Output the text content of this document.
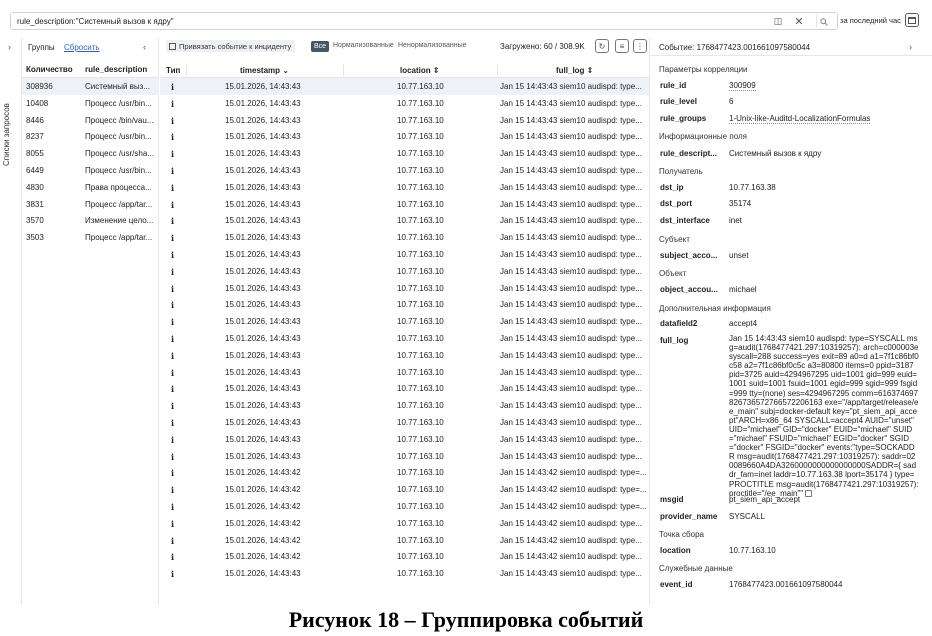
rule_description:"Системный вызов к ядру"
◫ ✕	за последний час
›
Списки запросов
Группы Сбросить	‹
Количество rule_description
308936	Системный выз...
10408	Процесс /usr/bin...
8446	Процесс /bin/vau...
8237	Процесс /usr/bin...
8055	Процесс /usr/sha...
6449	Процесс /usr/bin...
4830	Права процесса...
3831	Процесс /app/tar...
3570	Изменение цело...
3503	Процесс /app/tar...
Привязать событие к инциденту	Все Нормализованные Ненормализованные	Загружено: 60 / 308.9K	↻	≡	⋮
Тип	timestamp ⌄	location ⇕	full_log ⇕
i	15.01.2026, 14:43:43	10.77.163.10	Jan 15 14:43:43 siem10 audispd: type...
i	15.01.2026, 14:43:43	10.77.163.10	Jan 15 14:43:43 siem10 audispd: type...
i	15.01.2026, 14:43:43	10.77.163.10	Jan 15 14:43:43 siem10 audispd: type...
i	15.01.2026, 14:43:43	10.77.163.10	Jan 15 14:43:43 siem10 audispd: type...
i	15.01.2026, 14:43:43	10.77.163.10	Jan 15 14:43:43 siem10 audispd: type...
i	15.01.2026, 14:43:43	10.77.163.10	Jan 15 14:43:43 siem10 audispd: type...
i	15.01.2026, 14:43:43	10.77.163.10	Jan 15 14:43:43 siem10 audispd: type...
i	15.01.2026, 14:43:43	10.77.163.10	Jan 15 14:43:43 siem10 audispd: type...
i	15.01.2026, 14:43:43	10.77.163.10	Jan 15 14:43:43 siem10 audispd: type...
i	15.01.2026, 14:43:43	10.77.163.10	Jan 15 14:43:43 siem10 audispd: type...
i	15.01.2026, 14:43:43	10.77.163.10	Jan 15 14:43:43 siem10 audispd: type...
i	15.01.2026, 14:43:43	10.77.163.10	Jan 15 14:43:43 siem10 audispd: type...
i	15.01.2026, 14:43:43	10.77.163.10	Jan 15 14:43:43 siem10 audispd: type...
i	15.01.2026, 14:43:43	10.77.163.10	Jan 15 14:43:43 siem10 audispd: type...
i	15.01.2026, 14:43:43	10.77.163.10	Jan 15 14:43:43 siem10 audispd: type...
i	15.01.2026, 14:43:43	10.77.163.10	Jan 15 14:43:43 siem10 audispd: type...
i	15.01.2026, 14:43:43	10.77.163.10	Jan 15 14:43:43 siem10 audispd: type...
i	15.01.2026, 14:43:43	10.77.163.10	Jan 15 14:43:43 siem10 audispd: type...
i	15.01.2026, 14:43:43	10.77.163.10	Jan 15 14:43:43 siem10 audispd: type...
i	15.01.2026, 14:43:43	10.77.163.10	Jan 15 14:43:43 siem10 audispd: type...
i	15.01.2026, 14:43:43	10.77.163.10	Jan 15 14:43:43 siem10 audispd: type...
i	15.01.2026, 14:43:43	10.77.163.10	Jan 15 14:43:43 siem10 audispd: type...
i	15.01.2026, 14:43:43	10.77.163.10	Jan 15 14:43:43 siem10 audispd: type...
i	15.01.2026, 14:43:42	10.77.163.10	Jan 15 14:43:42 siem10 audispd: type=...
i	15.01.2026, 14:43:42	10.77.163.10	Jan 15 14:43:42 siem10 audispd: type=...
i	15.01.2026, 14:43:42	10.77.163.10	Jan 15 14:43:42 siem10 audispd: type=...
i	15.01.2026, 14:43:42	10.77.163.10	Jan 15 14:43:42 siem10 audispd: type...
i	15.01.2026, 14:43:42	10.77.163.10	Jan 15 14:43:42 siem10 audispd: type...
i	15.01.2026, 14:43:42	10.77.163.10	Jan 15 14:43:42 siem10 audispd: type...
i	15.01.2026, 14:43:43	10.77.163.10	Jan 15 14:43:43 siem10 audispd: type...
Событие: 1768477423.001661097580044	›
Параметры корреляции
rule_id	300909
rule_level	6
rule_groups	1-Unix-like-Auditd-LocalizationFormulas
Информационные поля
rule_descript...	Системный вызов к ядру
Получатель
dst_ip	10.77.163.38
dst_port	35174
dst_interface	inet
Субъект
subject_acco...	unset
Объект
object_accou...	michael
Дополнительная информация
datafield2	accept4
full_log	Jan 15 14:43:43 siem10 audispd: type=SYSCALL msg=audit(1768477421.297:10319257): arch=c000003e syscall=288 success=yes exit=89 a0=d a1=7f1c86bf0c58 a2=7f1c86bf0c5c a3=80800 items=0 ppid=3187 pid=3725 auid=4294967295 uid=1001 gid=999 euid=1001 suid=1001 fsuid=1001 egid=999 sgid=999 fsgid=999 tty=(none) ses=4294967295 comm=616374697826736572766572206163 exe="/app/target/release/ee_main" subj=docker-default key="pt_siem_api_accept"ARCH=x86_64 SYSCALL=accept4 AUID="unset" UID="michael" GID="docker" EUID="michael" SUID="michael" FSUID="michael" EGID="docker" SGID="docker" FSGID="docker" events:"type=SOCKADDR msg=audit(1768477421.297:10319257): saddr=020089660A4DA3260000000000000000SADDR={ saddr_fam=inet laddr=10.77.163.38 lport=35174 } type=PROCTITLE msg=audit(1768477421.297:10319257): proctitle="/ee_main""
msgid	pt_siem_api_accept
provider_name	SYSCALL
Точка сбора
location	10.77.163.10
Служебные данные
event_id	1768477423.001661097580044
Рисунок 18 – Группировка событий
